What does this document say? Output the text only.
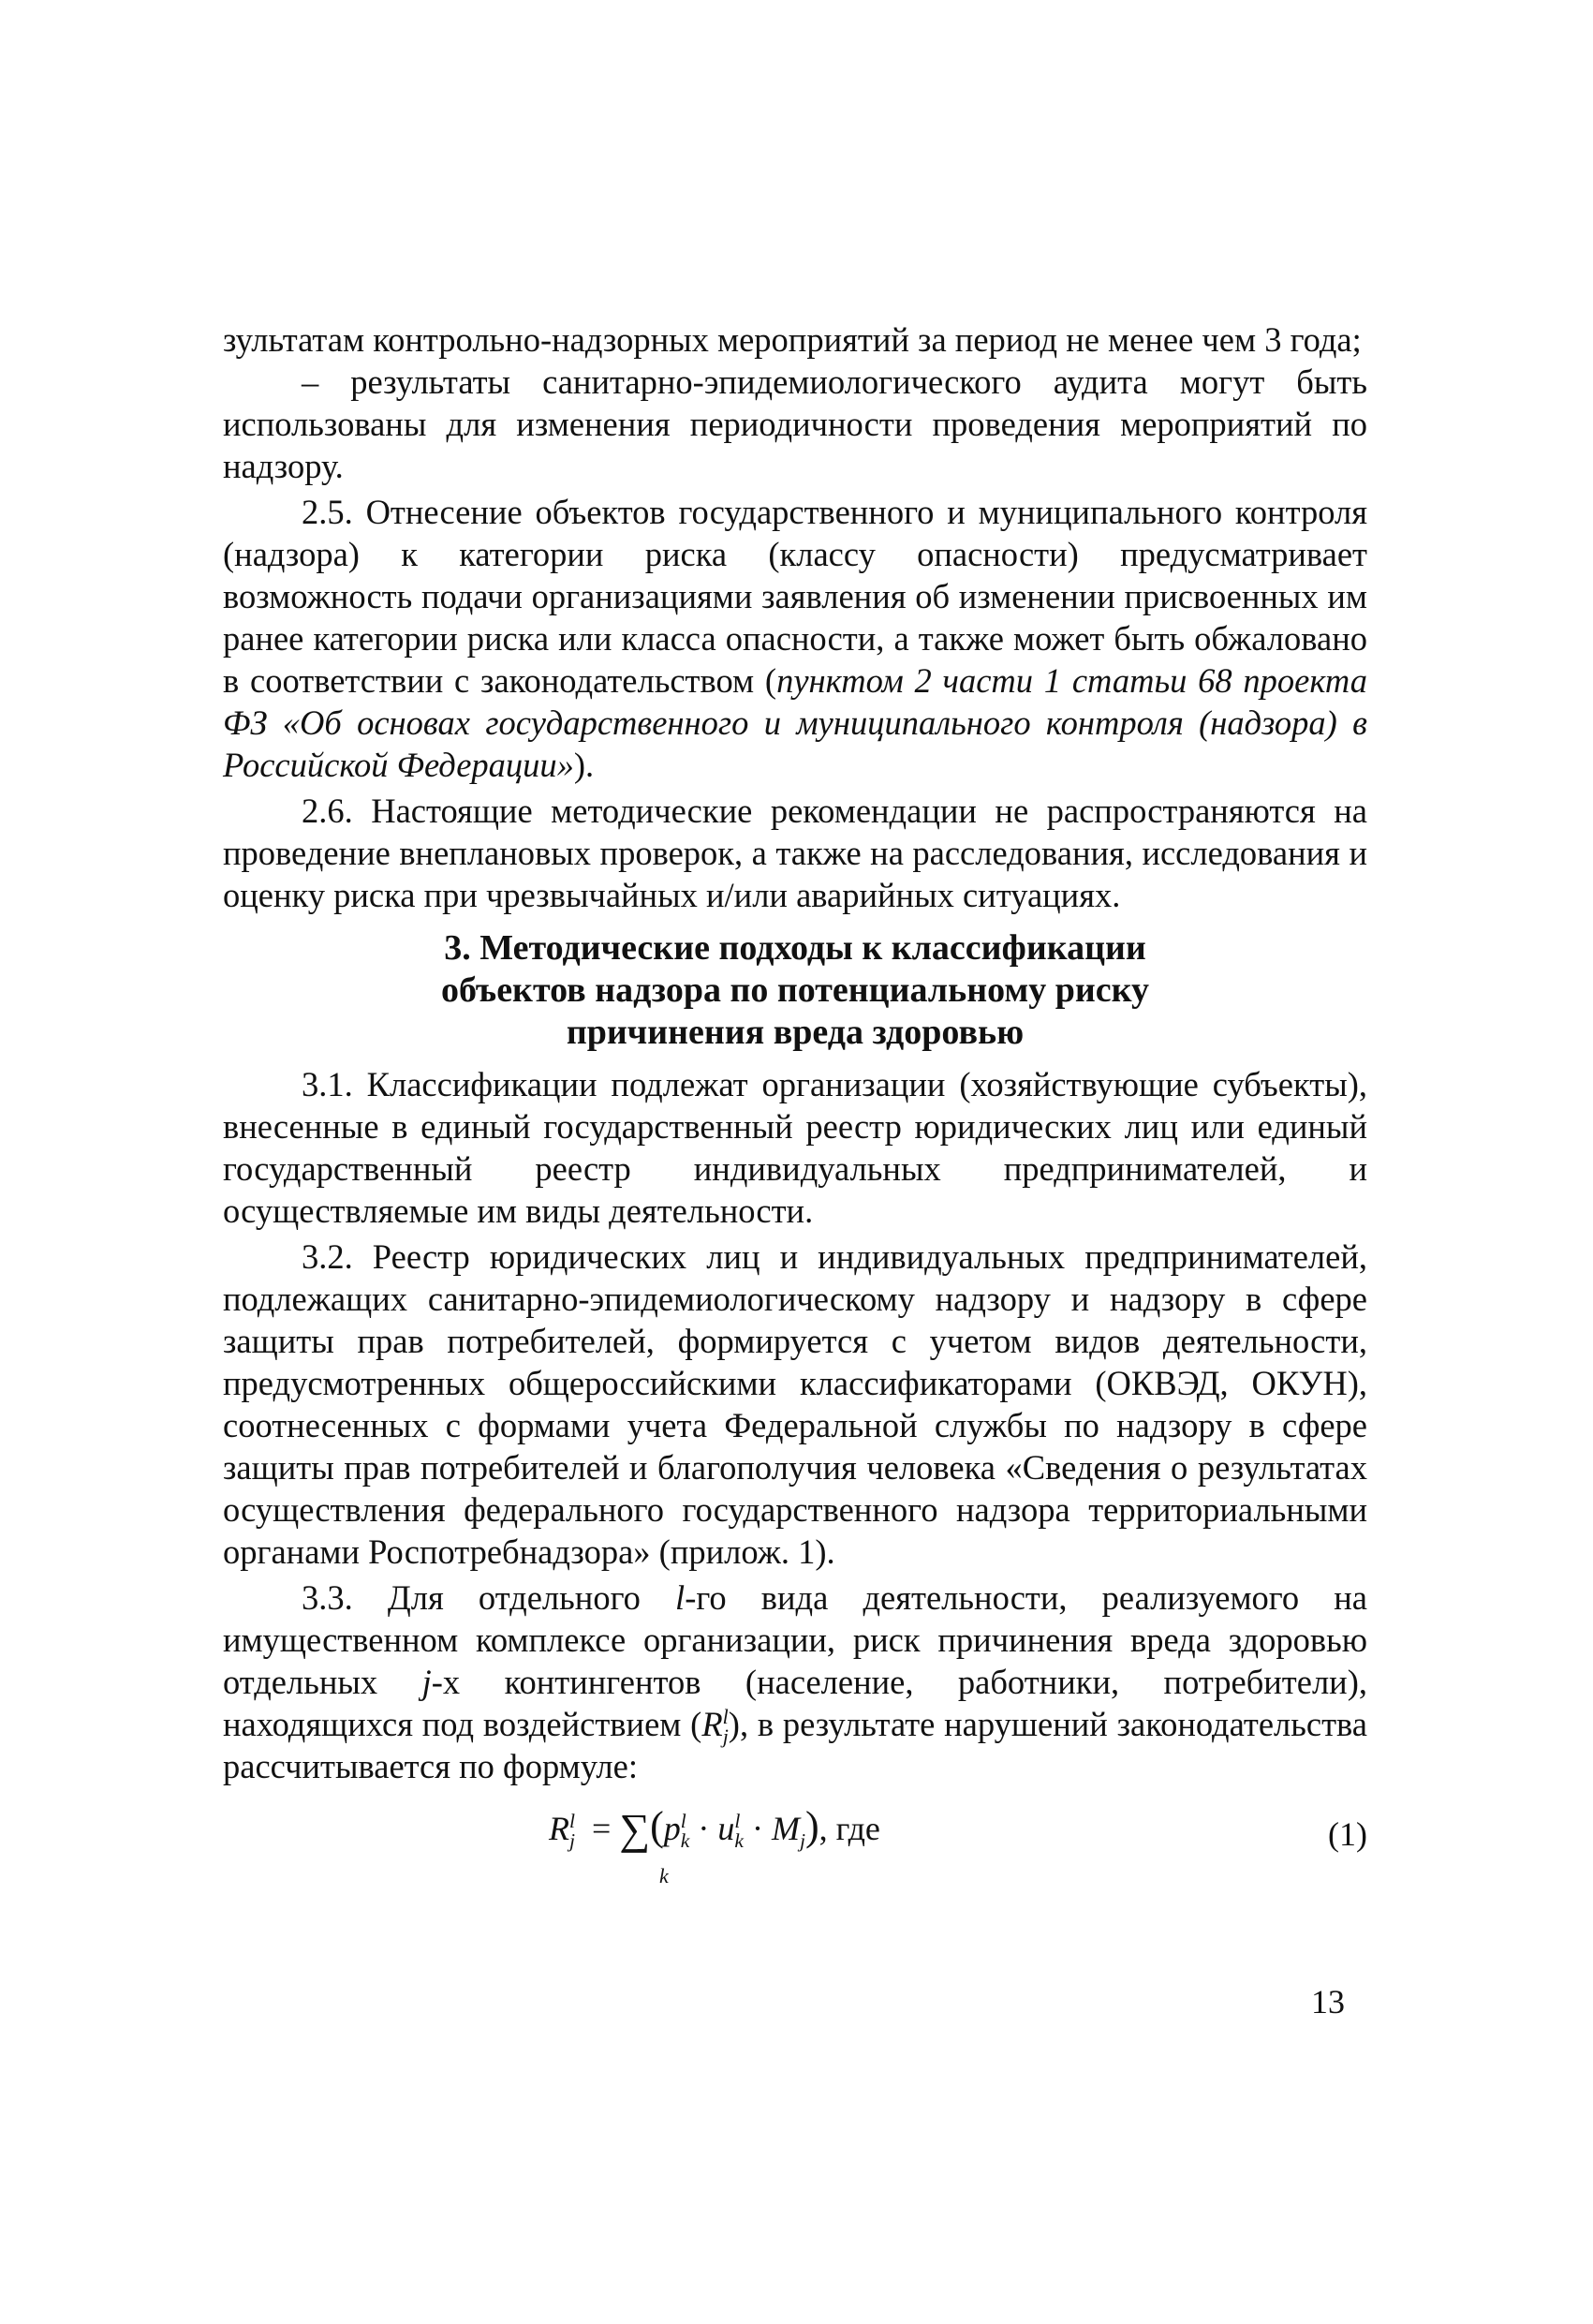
зультатам контрольно-надзорных мероприятий за период не менее чем 3 года;

– результаты санитарно-эпидемиологического аудита могут быть использованы для изменения периодичности проведения мероприятий по надзору.

2.5. Отнесение объектов государственного и муниципального контроля (надзора) к категории риска (классу опасности) предусматривает возможность подачи организациями заявления об изменении присвоенных им ранее категории риска или класса опасности, а также может быть обжаловано в соответствии с законодательством (пунктом 2 части 1 статьи 68 проекта ФЗ «Об основах государственного и муниципального контроля (надзора) в Российской Федерации»).

2.6. Настоящие методические рекомендации не распространяются на проведение внеплановых проверок, а также на расследования, исследования и оценку риска при чрезвычайных и/или аварийных ситуациях.

3. Методические подходы к классификации
объектов надзора по потенциальному риску
причинения вреда здоровью

3.1. Классификации подлежат организации (хозяйствующие субъекты), внесенные в единый государственный реестр юридических лиц или единый государственный реестр индивидуальных предпринимателей, и осуществляемые им виды деятельности.

3.2. Реестр юридических лиц и индивидуальных предпринимателей, подлежащих санитарно-эпидемиологическому надзору и надзору в сфере защиты прав потребителей, формируется с учетом видов деятельности, предусмотренных общероссийскими классификаторами (ОКВЭД, ОКУН), соотнесенных с формами учета Федеральной службы по надзору в сфере защиты прав потребителей и благополучия человека «Сведения о результатах осуществления федерального государственного надзора территориальными органами Роспотребнадзора» (прилож. 1).

3.3. Для отдельного l-го вида деятельности, реализуемого на имущественном комплексе организации, риск причинения вреда здоровью отдельных j-х контингентов (население, работники, потребители), находящихся под воздействием $(R^l_j)$, в результате нарушений законодательства рассчитывается по формуле:

$R^l_j$  = ∑
k
$(p^l_k \cdot u^l_k \cdot M_j)$, где	(1)
13
